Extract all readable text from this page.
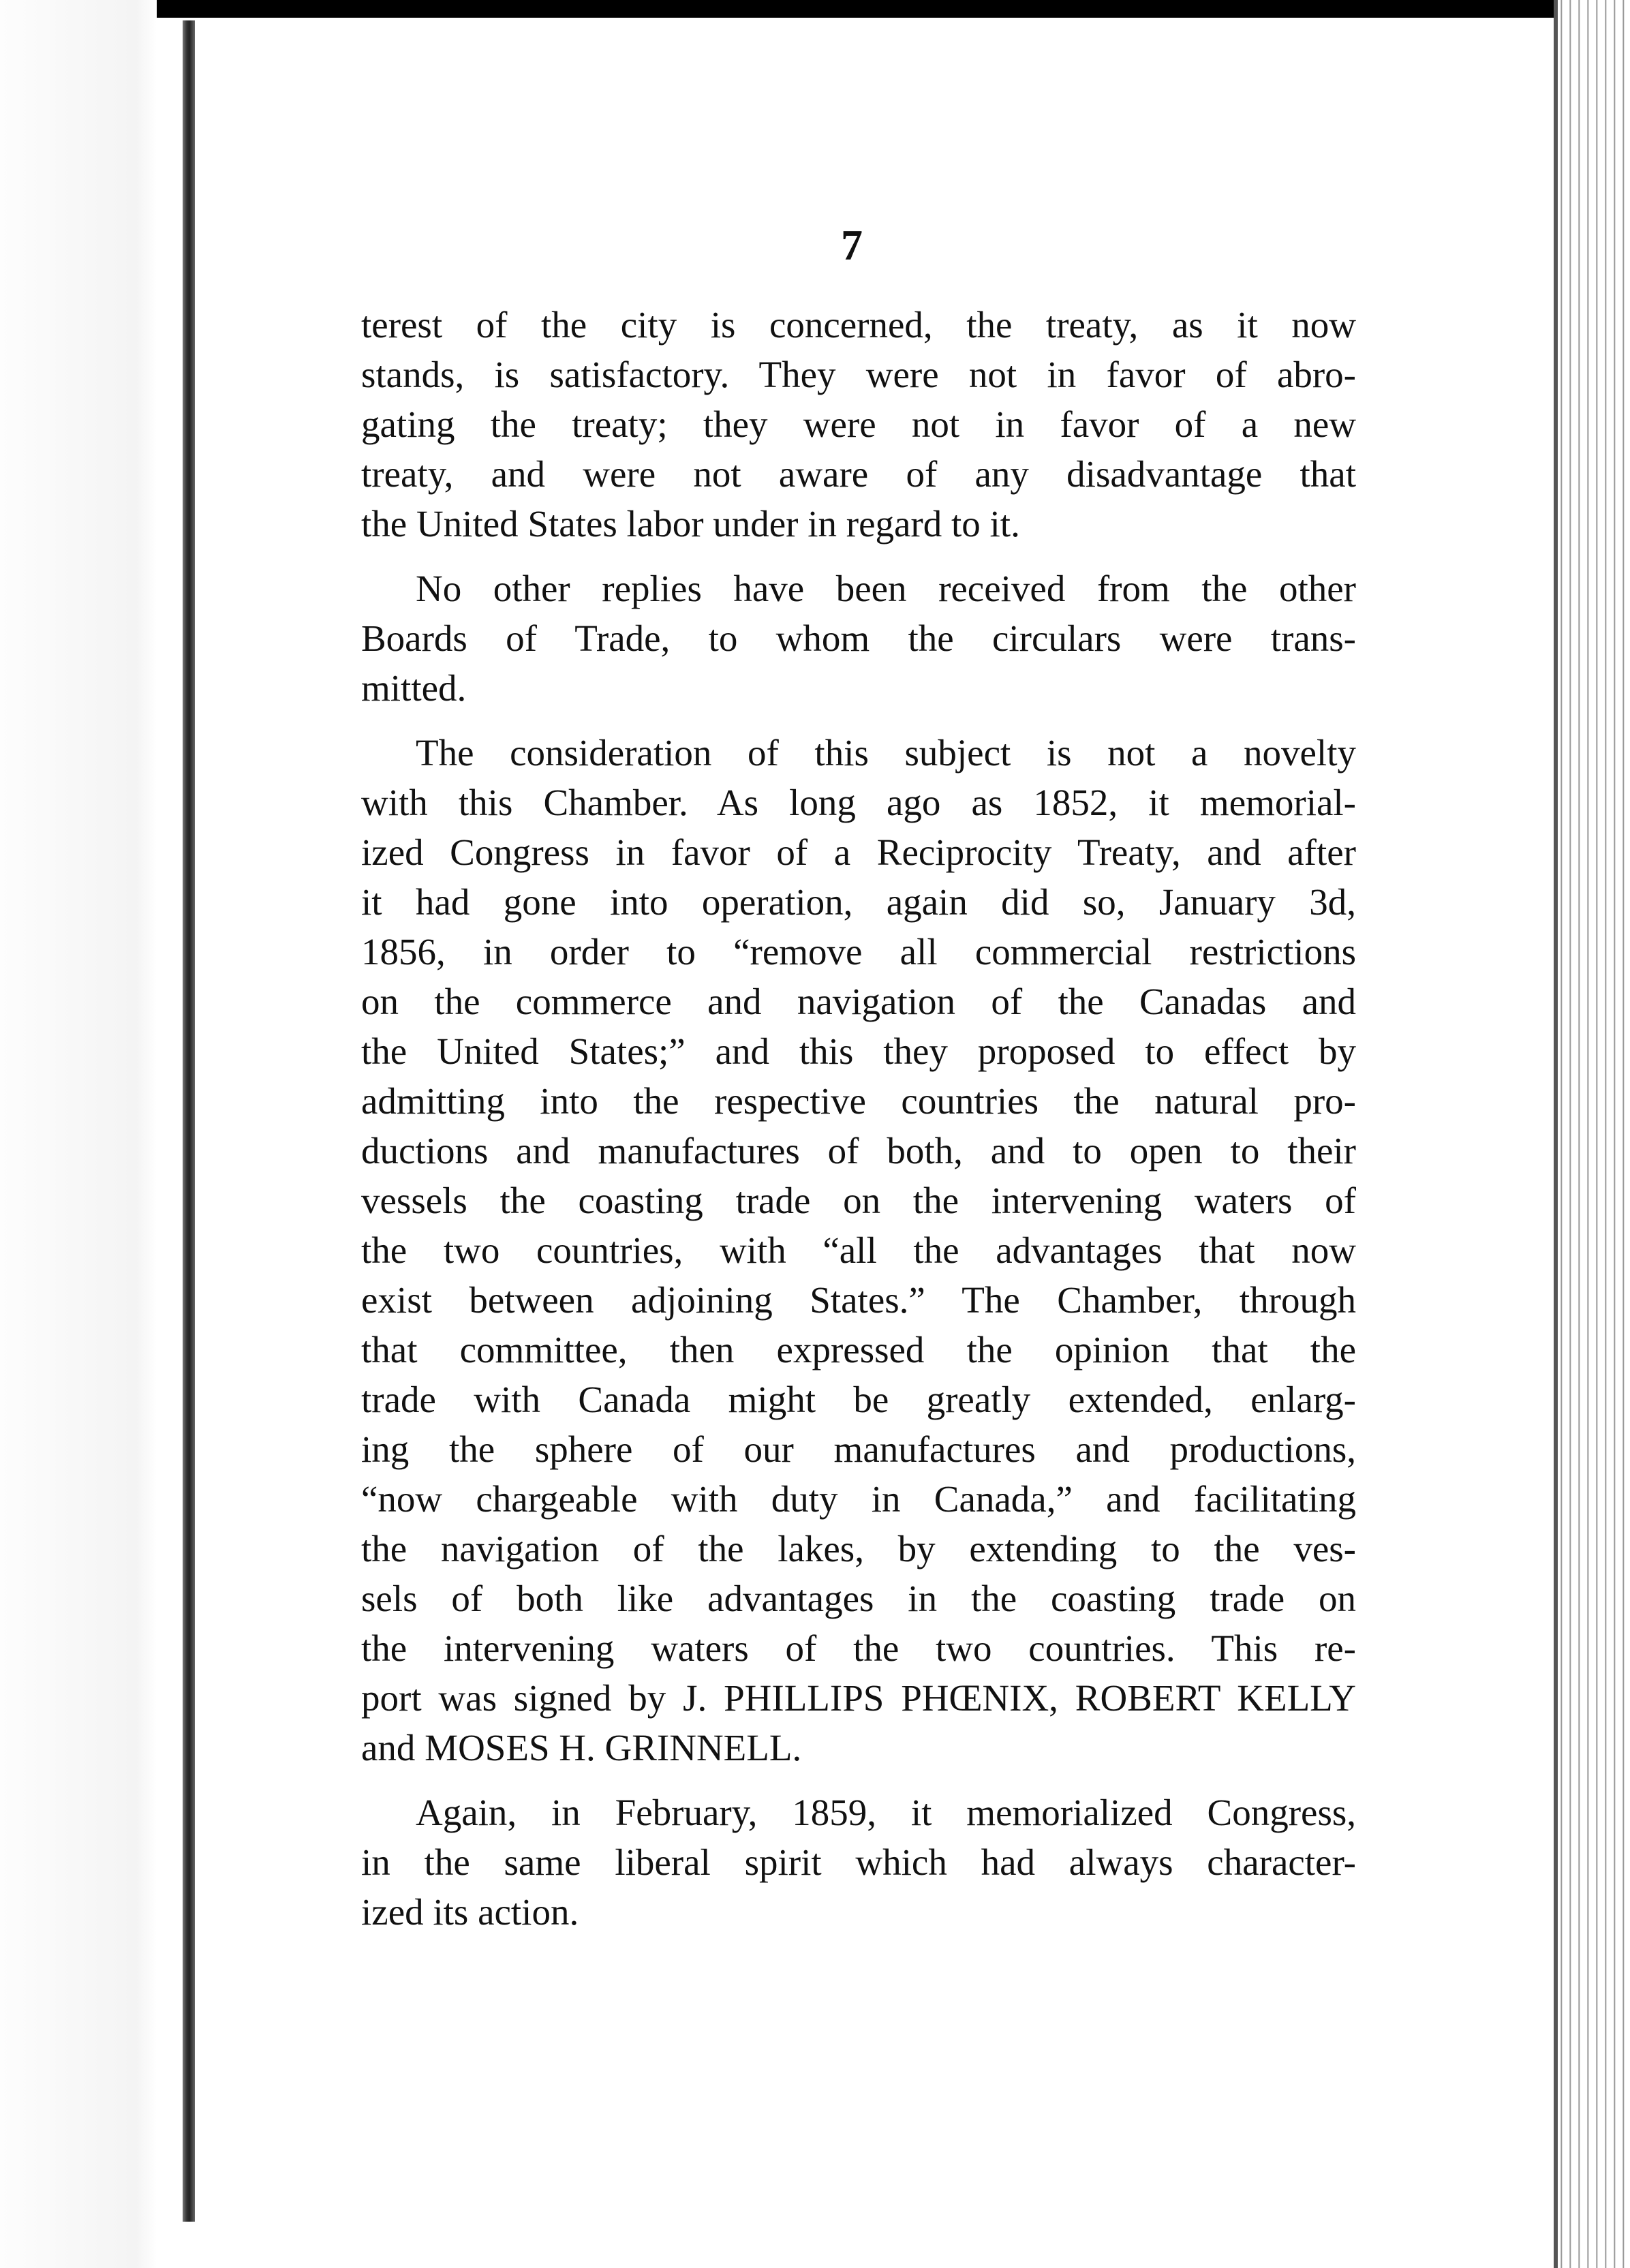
7
terest of the city is concerned, the treaty, as it now
stands, is satisfactory. They were not in favor of abro-
gating the treaty; they were not in favor of a new
treaty, and were not aware of any disadvantage that
the United States labor under in regard to it.
No other replies have been received from the other
Boards of Trade, to whom the circulars were trans-
mitted.
The consideration of this subject is not a novelty
with this Chamber. As long ago as 1852, it memorial-
ized Congress in favor of a Reciprocity Treaty, and after
it had gone into operation, again did so, January 3d,
1856, in order to “remove all commercial restrictions
on the commerce and navigation of the Canadas and
the United States;” and this they proposed to effect by
admitting into the respective countries the natural pro-
ductions and manufactures of both, and to open to their
vessels the coasting trade on the intervening waters of
the two countries, with “all the advantages that now
exist between adjoining States.” The Chamber, through
that committee, then expressed the opinion that the
trade with Canada might be greatly extended, enlarg-
ing the sphere of our manufactures and productions,
“now chargeable with duty in Canada,” and facilitating
the navigation of the lakes, by extending to the ves-
sels of both like advantages in the coasting trade on
the intervening waters of the two countries. This re-
port was signed by J. PHILLIPS PHŒNIX, ROBERT KELLY
and MOSES H. GRINNELL.
Again, in February, 1859, it memorialized Congress,
in the same liberal spirit which had always character-
ized its action.
